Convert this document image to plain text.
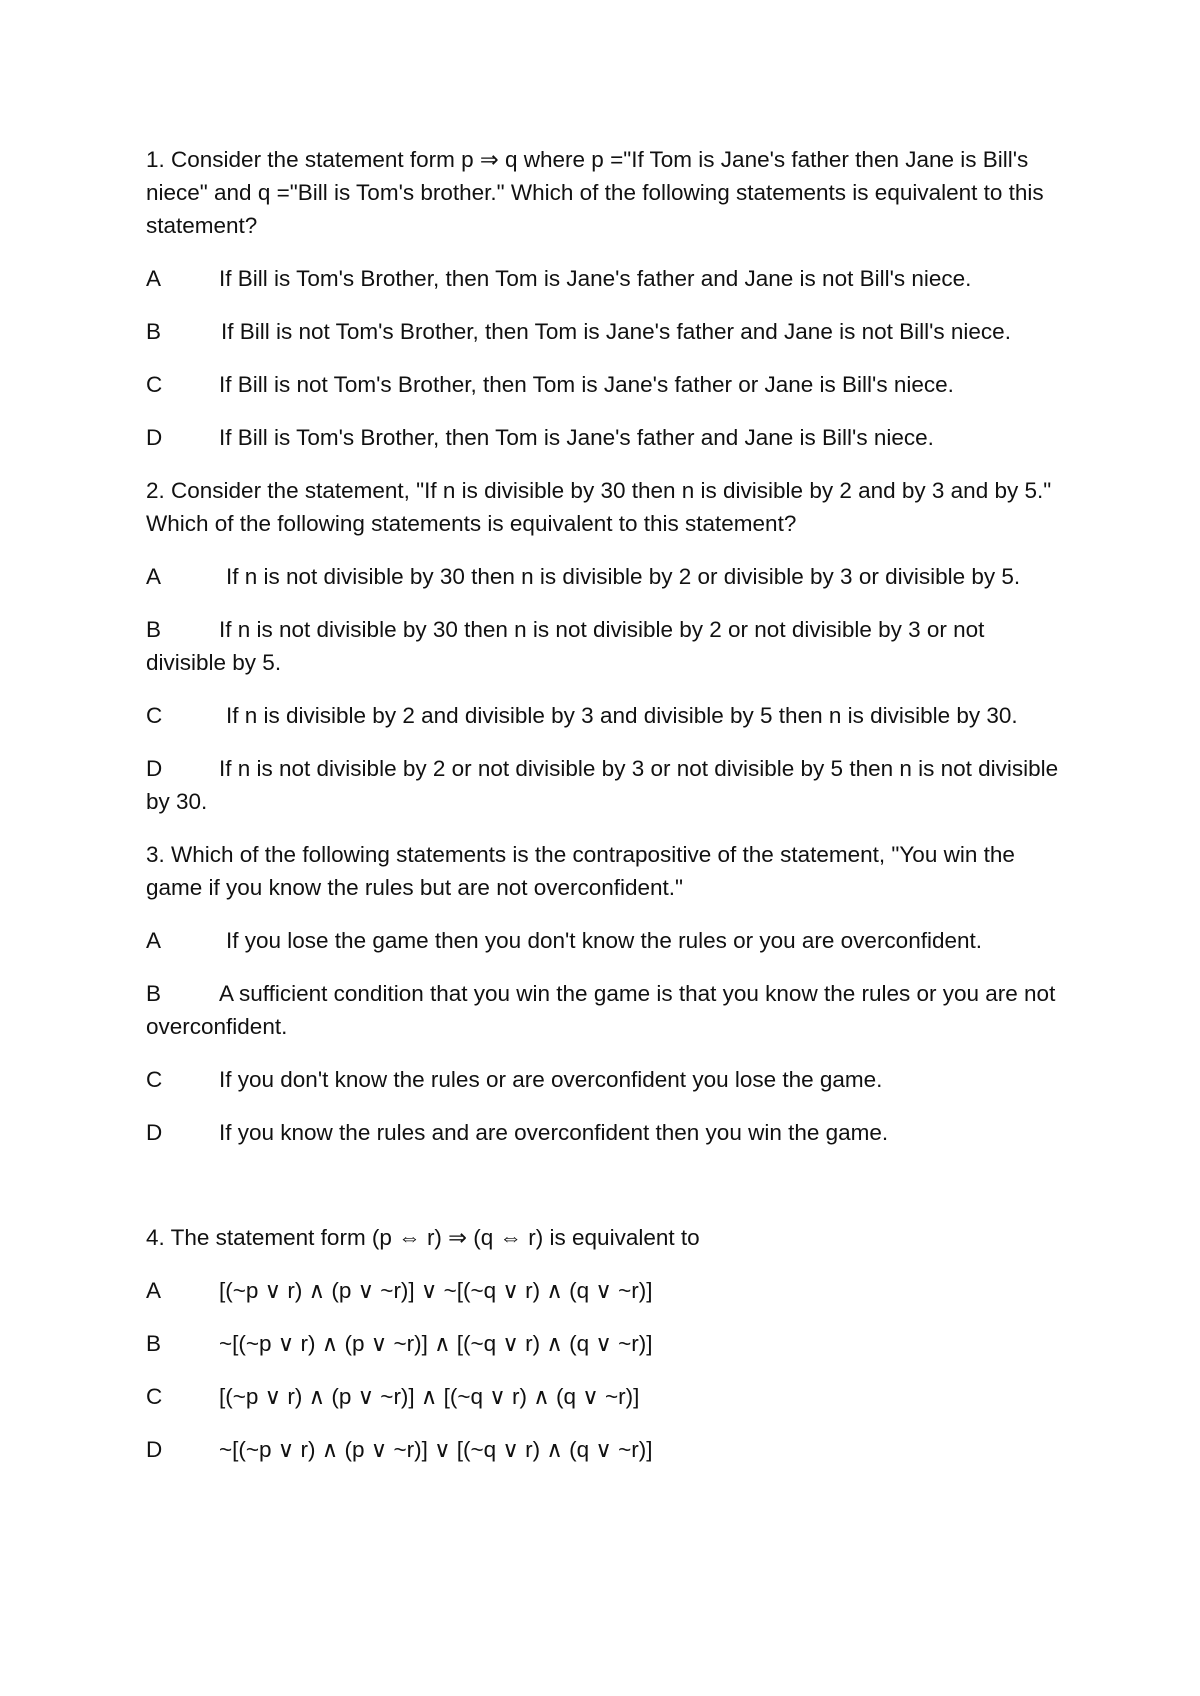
1. Consider the statement form p ⇒ q where p ="If Tom is Jane's father then Jane is Bill's niece" and q ="Bill is Tom's brother." Which of the following statements is equivalent to this statement?

A	If Bill is Tom's Brother, then Tom is Jane's father and Jane is not Bill's niece.

B	If Bill is not Tom's Brother, then Tom is Jane's father and Jane is not Bill's niece.

C	If Bill is not Tom's Brother, then Tom is Jane's father or Jane is Bill's niece.

D	If Bill is Tom's Brother, then Tom is Jane's father and Jane is Bill's niece.

2. Consider the statement, "If n is divisible by 30 then n is divisible by 2 and by 3 and by 5." Which of the following statements is equivalent to this statement?

A	If n is not divisible by 30 then n is divisible by 2 or divisible by 3 or divisible by 5.

B	If n is not divisible by 30 then n is not divisible by 2 or not divisible by 3 or not divisible by 5.

C	If n is divisible by 2 and divisible by 3 and divisible by 5 then n is divisible by 30.

D	If n is not divisible by 2 or not divisible by 3 or not divisible by 5 then n is not divisible by 30.

3. Which of the following statements is the contrapositive of the statement, "You win the game if you know the rules but are not overconfident."

A	If you lose the game then you don't know the rules or you are overconfident.

B	A sufficient condition that you win the game is that you know the rules or you are not overconfident.

C	If you don't know the rules or are overconfident you lose the game.

D	If you know the rules and are overconfident then you win the game.

4. The statement form (p ⇔ r) ⇒ (q ⇔ r) is equivalent to

A	[(~p ∨ r) ∧ (p ∨ ~r)] ∨ ~[(~q ∨ r) ∧ (q ∨ ~r)]

B	~[(~p ∨ r) ∧ (p ∨ ~r)] ∧ [(~q ∨ r) ∧ (q ∨ ~r)]

C	[(~p ∨ r) ∧ (p ∨ ~r)] ∧ [(~q ∨ r) ∧ (q ∨ ~r)]

D	~[(~p ∨ r) ∧ (p ∨ ~r)] ∨ [(~q ∨ r) ∧ (q ∨ ~r)]
